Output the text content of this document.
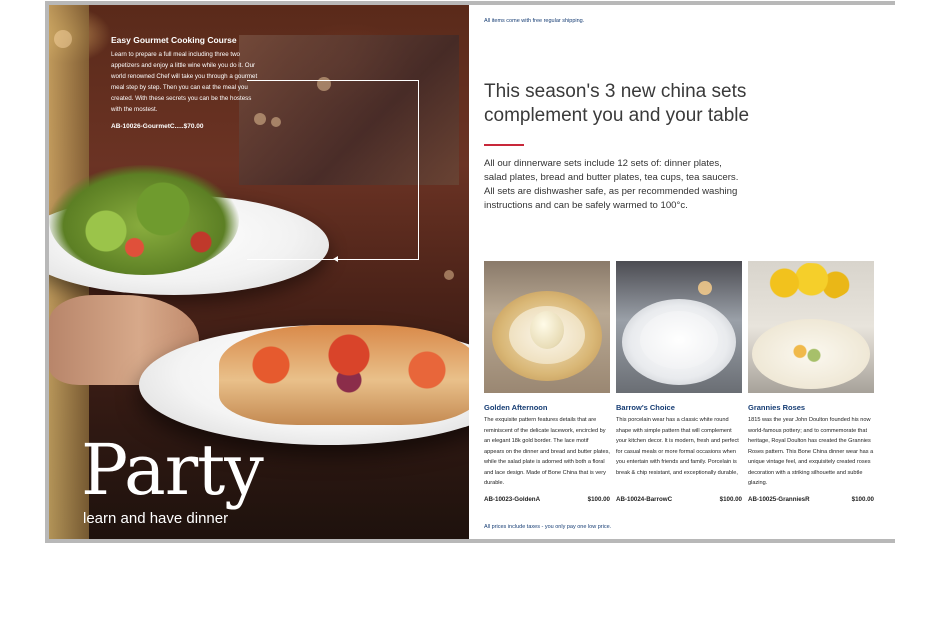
Easy Gourmet Cooking Course
Learn to prepare a full meal including three two appetizers and enjoy a little wine while you do it. Our world renowned Chef will take you through a gourmet meal step by step. Then you can eat the meal you created. With these secrets you can be the hostess with the mostest.
AB-10026-GourmetC.....$70.00
Party
learn and have dinner
All items come with free regular shipping.
This season's 3 new china sets complement you and your table
All our dinnerware sets include 12 sets of: dinner plates, salad plates, bread and butter plates, tea cups, tea saucers. All sets are dishwasher safe, as per recommended washing instructions and can be safely warmed to 100°c.
Golden Afternoon
The exquisite pattern features details that are reminiscent of the delicate lacework, encircled by an elegant 18k gold border. The lace motif appears on the dinner and bread and butter plates, while the salad plate is adorned with both a floral and lace design. Made of Bone China that is very durable.
AB-10023-GoldenA	$100.00
Barrow's Choice
This porcelain wear has a classic white round shape with simple pattern that will complement your kitchen decor. It is modern, fresh and perfect for casual meals or more formal occasions when you entertain with friends and family. Porcelain is break & chip resistant, and exceptionally durable,
AB-10024-BarrowC	$100.00
Grannies Roses
1815 was the year John Doulton founded his now world-famous pottery; and to commemorate that heritage, Royal Doulton has created the Grannies Roses pattern. This Bone China dinner wear has a unique vintage feel, and exquisitely created roses decoration with a striking silhouette and subtle glazing.
AB-10025-GranniesR	$100.00
All prices include taxes - you only pay one low price.
